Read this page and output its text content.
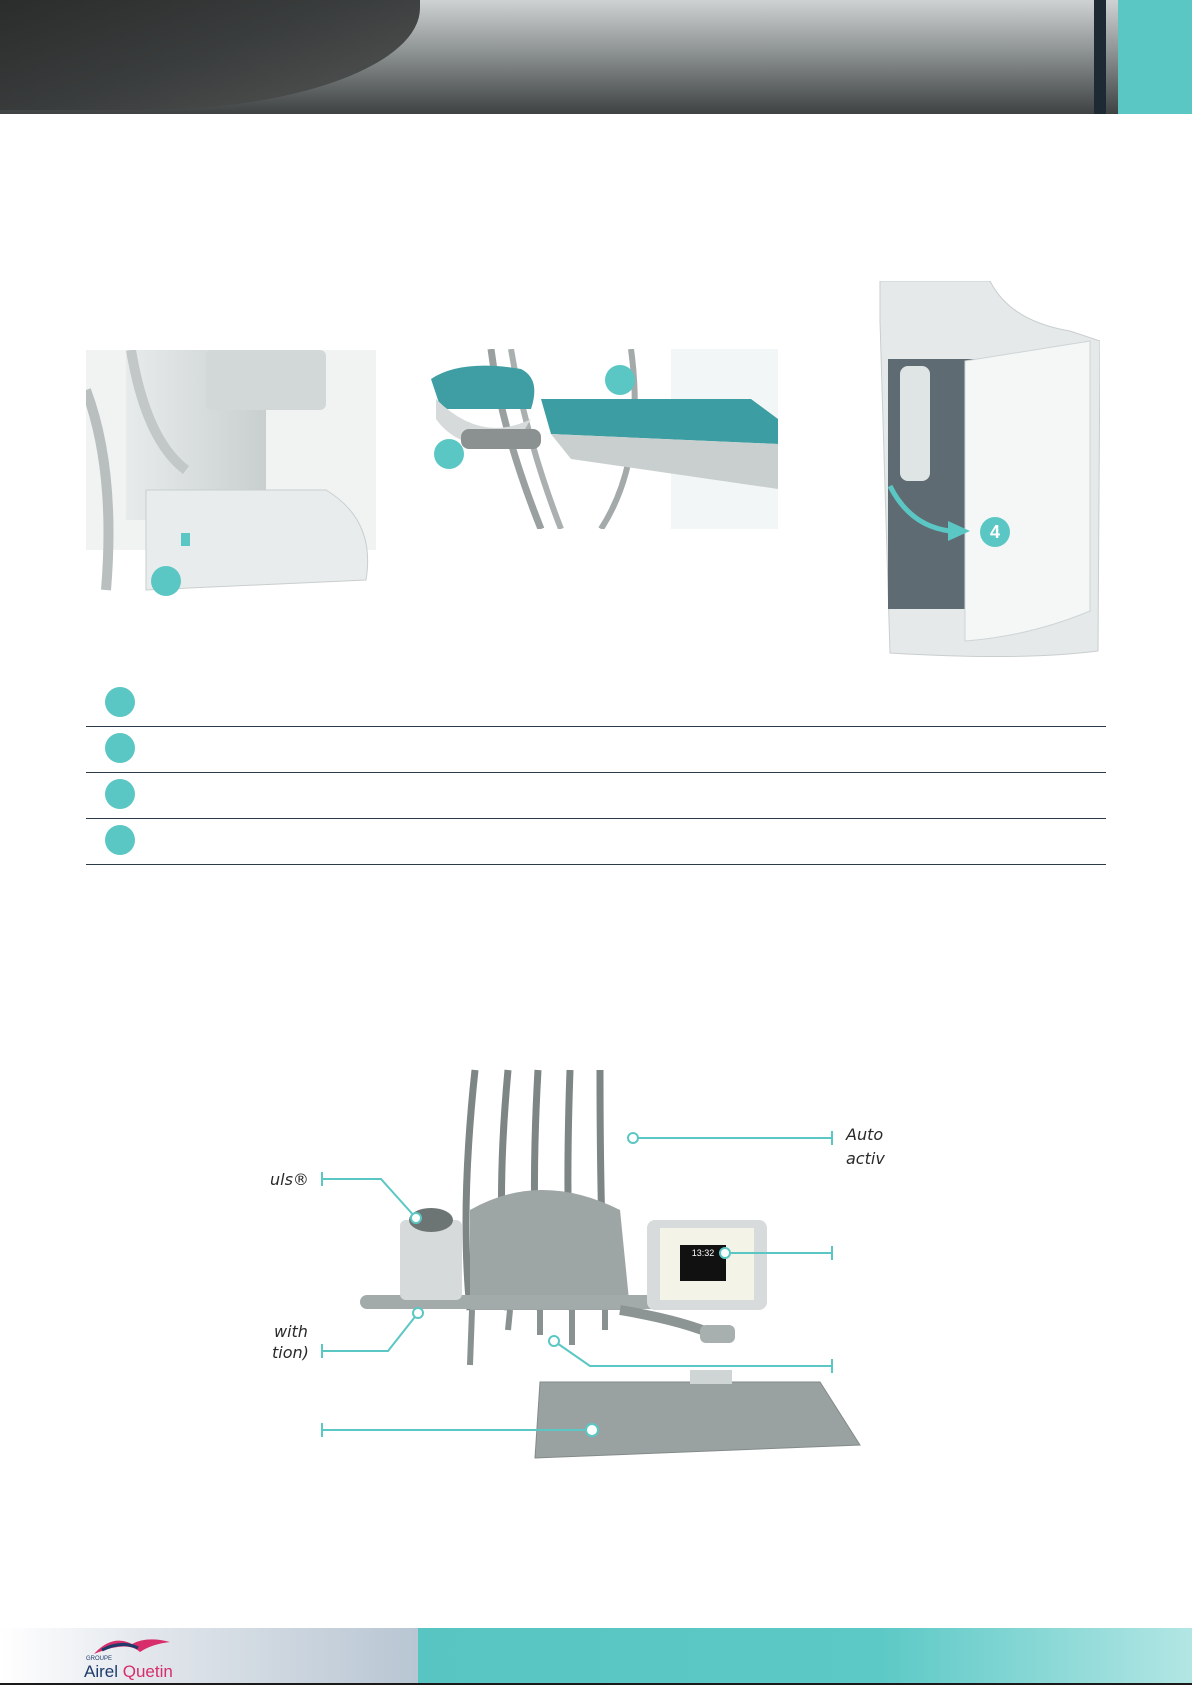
4
13:32
Auto
activ
uls®
with
tion)
GROUPE
Airel Quetin
